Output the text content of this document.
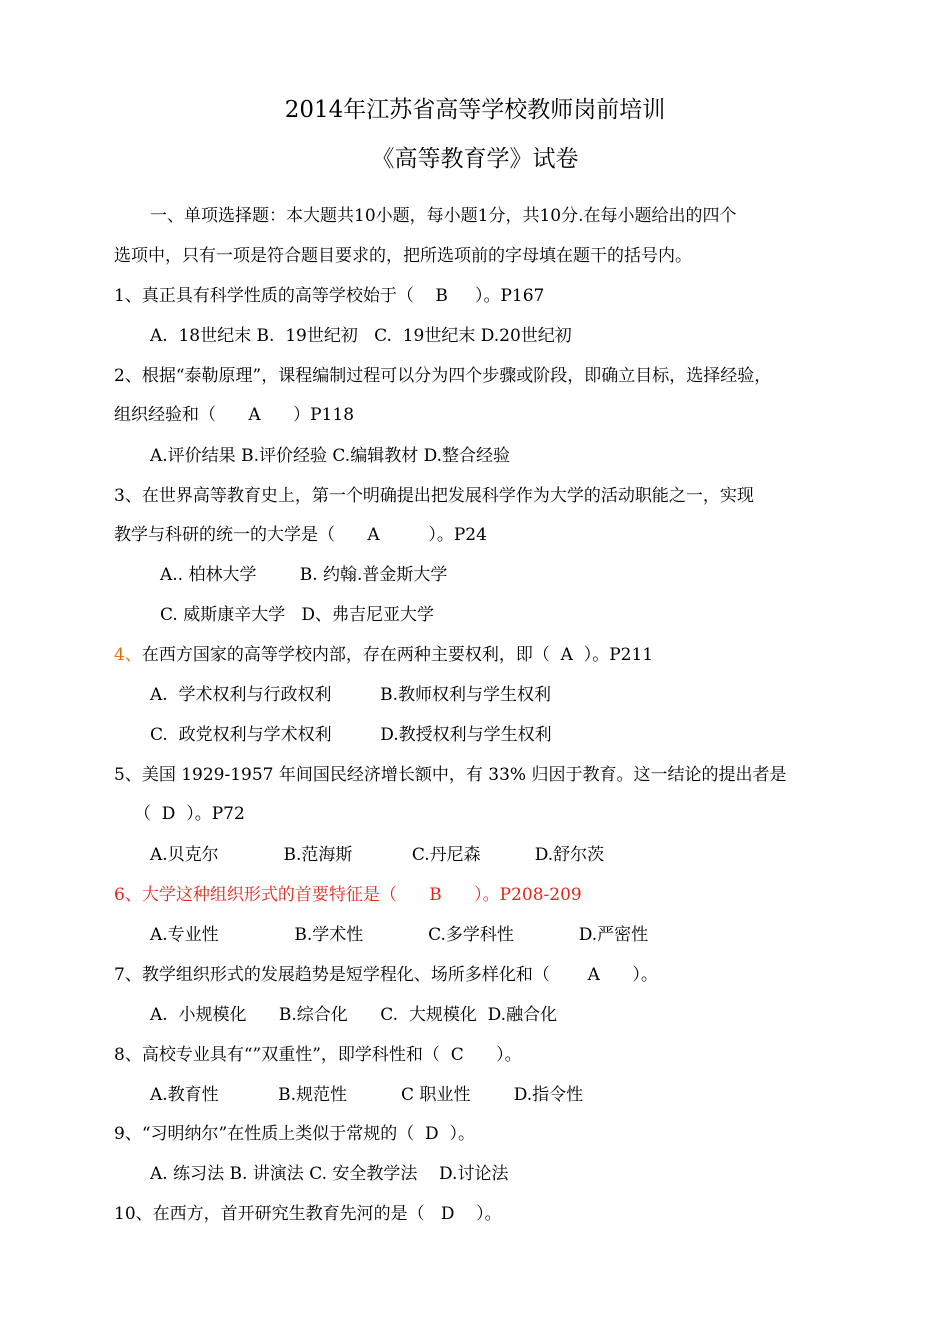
2014年江苏省高等学校教师岗前培训
《高等教育学》试卷
一、单项选择题：本大题共10小题，每小题1分，共10分.在每小题给出的四个
选项中，只有一项是符合题目要求的，把所选项前的字母填在题干的括号内。
1、真正具有科学性质的高等学校始于（    B     ）。P167
A.  18世纪末 B.  19世纪初   C.  19世纪末 D.20世纪初
2、根据“泰勒原理”，课程编制过程可以分为四个步骤或阶段，即确立目标，选择经验，
组织经验和（      A      ）P118
A.评价结果 B.评价经验 C.编辑教材 D.整合经验
3、在世界高等教育史上，第一个明确提出把发展科学作为大学的活动职能之一，实现
教学与科研的统一的大学是（      A         ）。P24
A.. 柏林大学        B. 约翰.普金斯大学
C. 威斯康辛大学   D、弗吉尼亚大学
4、在西方国家的高等学校内部，存在两种主要权利，即（  A  ）。P211
A.  学术权利与行政权利         B.教师权利与学生权利
C.  政党权利与学术权利         D.教授权利与学生权利
5、美国 1929-1957 年间国民经济增长额中，有 33% 归因于教育。这一结论的提出者是
（  D  ）。P72
A.贝克尔            B.范海斯           C.丹尼森          D.舒尔茨
6、大学这种组织形式的首要特征是（      B      ）。P208-209
A.专业性              B.学术性            C.多学科性            D.严密性
7、教学组织形式的发展趋势是短学程化、场所多样化和（       A      ）。
A.  小规模化      B.综合化      C.  大规模化  D.融合化
8、高校专业具有“”双重性”，即学科性和（  C      ）。
A.教育性           B.规范性          C 职业性        D.指令性
9、“习明纳尔”在性质上类似于常规的（  D  ）。
A. 练习法 B. 讲演法 C. 安全教学法    D.讨论法
10、在西方，首开研究生教育先河的是（   D    ）。
